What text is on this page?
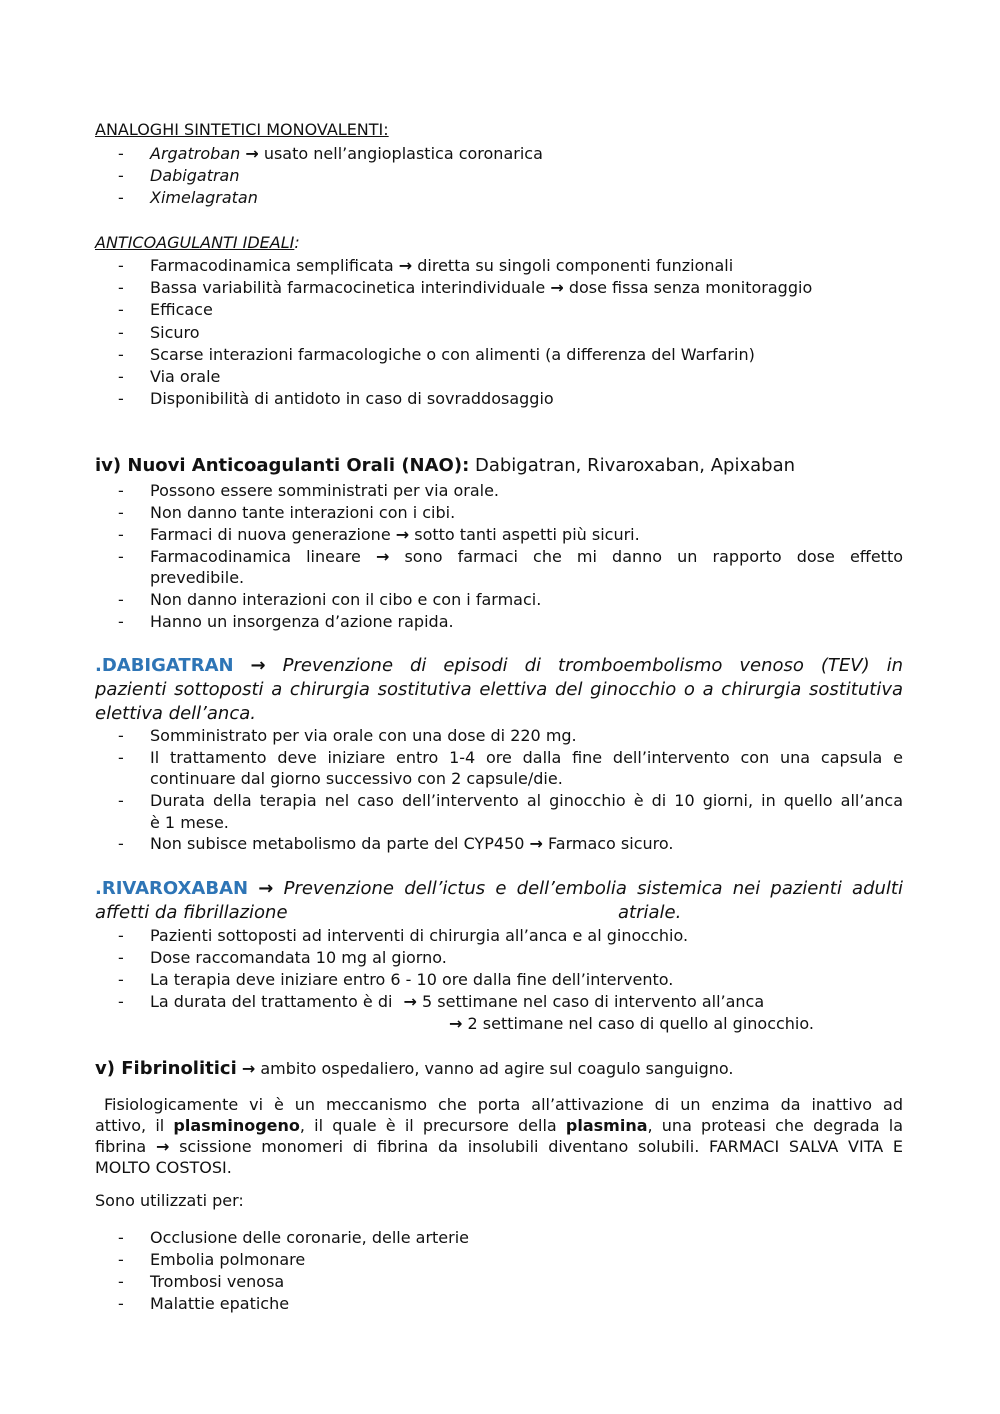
ANALOGHI SINTETICI MONOVALENTI:
- Argatroban → usato nell’angioplastica coronarica
- Dabigatran
- Ximelagratan
ANTICOAGULANTI IDEALI:
- Farmacodinamica semplificata → diretta su singoli componenti funzionali
- Bassa variabilità farmacocinetica interindividuale → dose fissa senza monitoraggio
- Efficace
- Sicuro
- Scarse interazioni farmacologiche o con alimenti (a differenza del Warfarin)
- Via orale
- Disponibilità di antidoto in caso di sovraddosaggio
iv) Nuovi Anticoagulanti Orali (NAO): Dabigatran, Rivaroxaban, Apixaban
- Possono essere somministrati per via orale.
- Non danno tante interazioni con i cibi.
- Farmaci di nuova generazione → sotto tanti aspetti più sicuri.
- Farmacodinamica lineare → sono farmaci che mi danno un rapporto dose effetto
prevedibile.
- Non danno interazioni con il cibo e con i farmaci.
- Hanno un insorgenza d’azione rapida.
.DABIGATRAN → Prevenzione di episodi di tromboembolismo venoso (TEV) in
pazienti sottoposti a chirurgia sostitutiva elettiva del ginocchio o a chirurgia sostitutiva
elettiva dell’anca.
- Somministrato per via orale con una dose di 220 mg.
- Il trattamento deve iniziare entro 1-4 ore dalla fine dell’intervento con una capsula e
continuare dal giorno successivo con 2 capsule/die.
- Durata della terapia nel caso dell’intervento al ginocchio è di 10 giorni, in quello all’anca
è 1 mese.
- Non subisce metabolismo da parte del CYP450 → Farmaco sicuro.
.RIVAROXABAN → Prevenzione dell’ictus e dell’embolia sistemica nei pazienti adulti
affetti da fibrillazione	atriale.
- Pazienti sottoposti ad interventi di chirurgia all’anca e al ginocchio.
- Dose raccomandata 10 mg al giorno.
- La terapia deve iniziare entro 6 - 10 ore dalla fine dell’intervento.
- La durata del trattamento è di → 5 settimane nel caso di intervento all’anca
→ 2 settimane nel caso di quello al ginocchio.
v) Fibrinolitici → ambito ospedaliero, vanno ad agire sul coagulo sanguigno.
Fisiologicamente vi è un meccanismo che porta all’attivazione di un enzima da inattivo ad
attivo, il plasminogeno, il quale è il precursore della plasmina, una proteasi che degrada la
fibrina → scissione monomeri di fibrina da insolubili diventano solubili. FARMACI SALVA VITA E
MOLTO COSTOSI.
Sono utilizzati per:
- Occlusione delle coronarie, delle arterie
- Embolia polmonare
- Trombosi venosa
- Malattie epatiche
